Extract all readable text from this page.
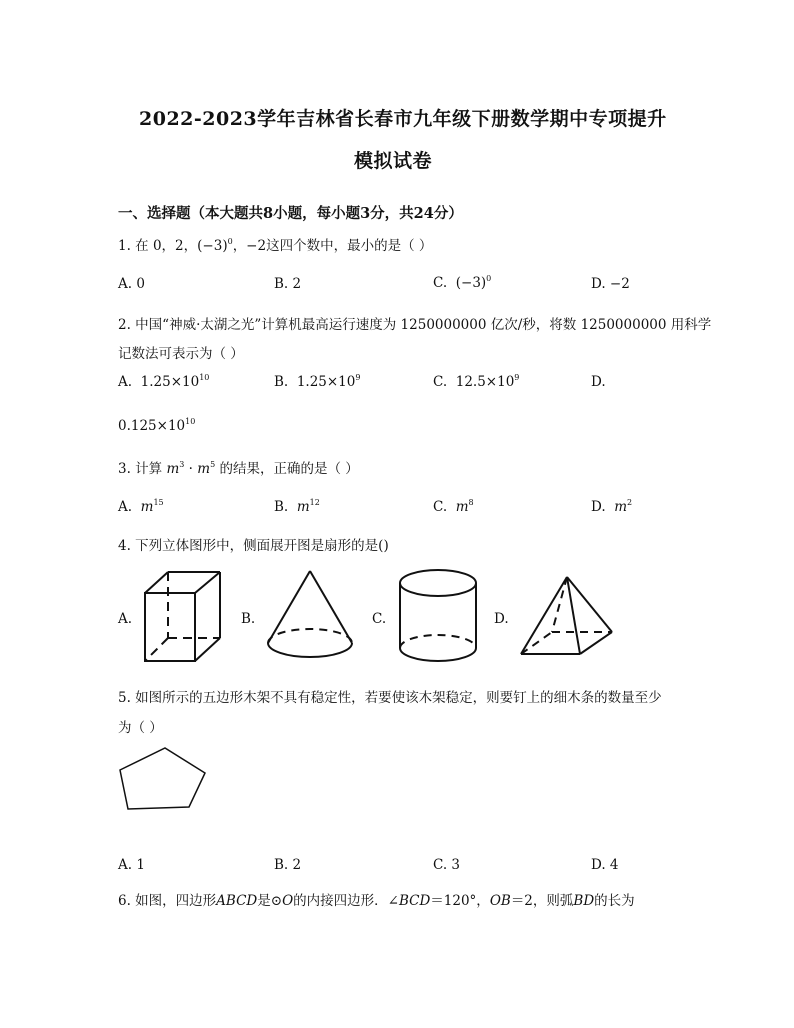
2022-2023学年吉林省长春市九年级下册数学期中专项提升
模拟试卷
一、选择题（本大题共8小题，每小题3分，共24分）
1. 在 0，2，$(-3)^0$，−2这四个数中，最小的是（ ）
A. 0	B. 2	C. $(-3)^0$	D. −2
2. 中国“神威·太湖之光”计算机最高运行速度为 1250000000 亿次/秒，将数 1250000000 用科学
记数法可表示为（ ）
A. $1.25\times 10^{10}$	B. $1.25\times 10^9$	C. $12.5\times 10^9$	D.
$0.125\times 10^{10}$
3. 计算 $m^3 \cdot m^5$ 的结果，正确的是（ ）
A. $m^{15}$	B. $m^{12}$	C. $m^8$	D. $m^2$
4. 下列立体图形中，侧面展开图是扇形的是()
A.	B.	C.	D.
5. 如图所示的五边形木架不具有稳定性，若要使该木架稳定，则要钉上的细木条的数量至少
为（ ）
A. 1	B. 2	C. 3	D. 4
6. 如图，四边形ABCD是⊙O的内接四边形．∠BCD＝120°，OB＝2，则弧BD的长为
